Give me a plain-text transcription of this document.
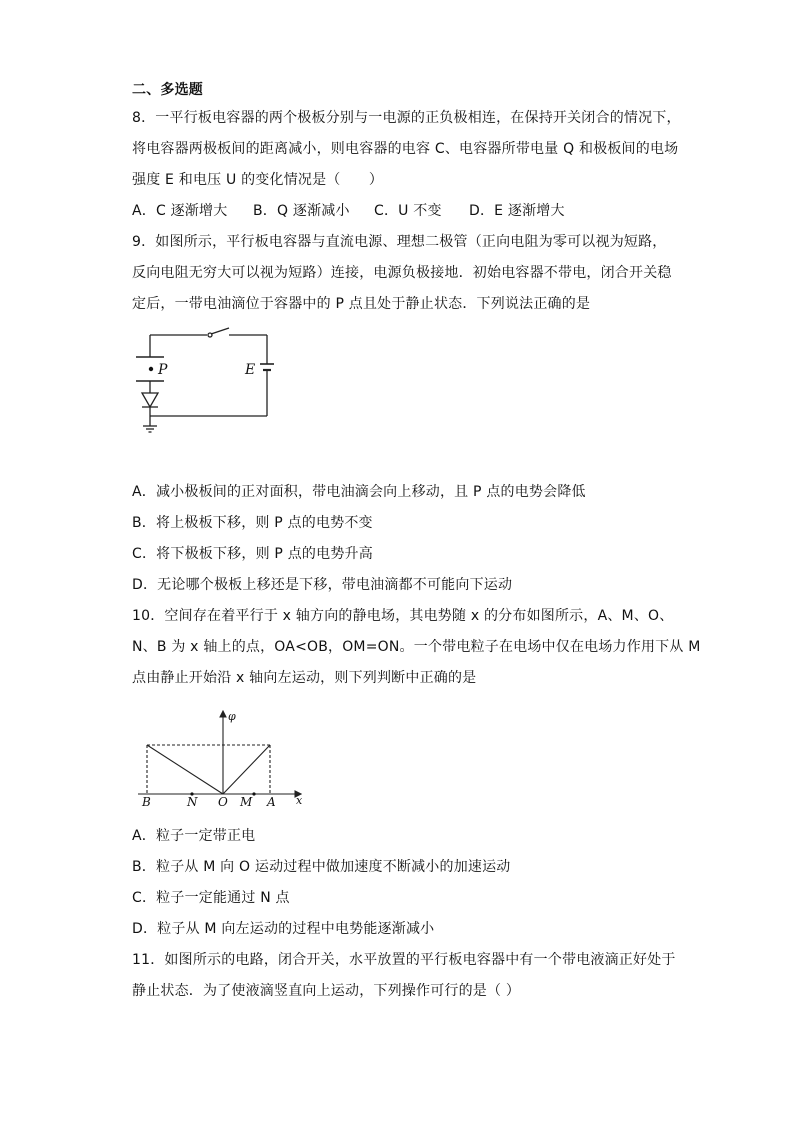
二、多选题
8．一平行板电容器的两个极板分别与一电源的正负极相连，在保持开关闭合的情况下，
将电容器两极板间的距离减小，则电容器的电容 C、电容器所带电量 Q 和极板间的电场
强度 E 和电压 U 的变化情况是（　　）
A．C 逐渐增大 B．Q 逐渐减小 C．U 不变 D．E 逐渐增大
9．如图所示，平行板电容器与直流电源、理想二极管（正向电阻为零可以视为短路，
反向电阻无穷大可以视为短路）连接，电源负极接地．初始电容器不带电，闭合开关稳
定后，一带电油滴位于容器中的 P 点且处于静止状态．下列说法正确的是
P	E
A．减小极板间的正对面积，带电油滴会向上移动，且 P 点的电势会降低
B．将上极板下移，则 P 点的电势不变
C．将下极板下移，则 P 点的电势升高
D．无论哪个极板上移还是下移，带电油滴都不可能向下运动
10．空间存在着平行于 x 轴方向的静电场，其电势随 x 的分布如图所示，A、M、O、
N、B 为 x 轴上的点，OA<OB，OM=ON。一个带电粒子在电场中仅在电场力作用下从 M
点由静止开始沿 x 轴向左运动，则下列判断中正确的是
φ
x
B	N O M A
A．粒子一定带正电
B．粒子从 M 向 O 运动过程中做加速度不断减小的加速运动
C．粒子一定能通过 N 点
D．粒子从 M 向左运动的过程中电势能逐渐减小
11．如图所示的电路，闭合开关，水平放置的平行板电容器中有一个带电液滴正好处于
静止状态．为了使液滴竖直向上运动，下列操作可行的是（ ）
